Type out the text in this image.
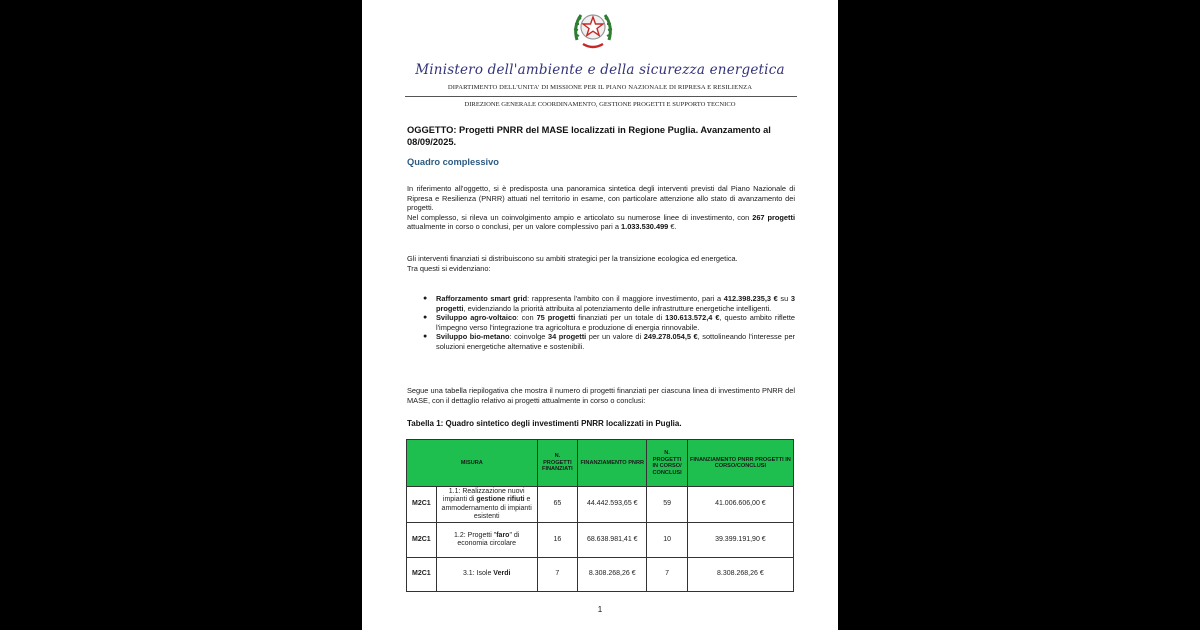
Ministero dell'ambiente e della sicurezza energetica
DIPARTIMENTO DELL'UNITA' DI MISSIONE PER IL PIANO NAZIONALE DI RIPRESA E RESILIENZA
DIREZIONE GENERALE COORDINAMENTO, GESTIONE PROGETTI E SUPPORTO TECNICO
OGGETTO: Progetti PNRR del MASE localizzati in Regione Puglia. Avanzamento al 08/09/2025.
Quadro complessivo
In riferimento all'oggetto, si è predisposta una panoramica sintetica degli interventi previsti dal Piano Nazionale di Ripresa e Resilienza (PNRR) attuati nel territorio in esame, con particolare attenzione allo stato di avanzamento dei progetti.
Nel complesso, si rileva un coinvolgimento ampio e articolato su numerose linee di investimento, con 267 progetti attualmente in corso o conclusi, per un valore complessivo pari a 1.033.530.499 €.
Gli interventi finanziati si distribuiscono su ambiti strategici per la transizione ecologica ed energetica.
Tra questi si evidenziano:
● Rafforzamento smart grid: rappresenta l'ambito con il maggiore investimento, pari a 412.398.235,3 € su 3 progetti, evidenziando la priorità attribuita al potenziamento delle infrastrutture energetiche intelligenti.
● Sviluppo agro-voltaico: con 75 progetti finanziati per un totale di 130.613.572,4 €, questo ambito riflette l'impegno verso l'integrazione tra agricoltura e produzione di energia rinnovabile.
● Sviluppo bio-metano: coinvolge 34 progetti per un valore di 249.278.054,5 €, sottolineando l'interesse per soluzioni energetiche alternative e sostenibili.
Segue una tabella riepilogativa che mostra il numero di progetti finanziati per ciascuna linea di investimento PNRR del MASE, con il dettaglio relativo ai progetti attualmente in corso o conclusi:
Tabella 1: Quadro sintetico degli investimenti PNRR localizzati in Puglia.
MISURA		N. PROGETTI FINANZIATI	FINANZIAMENTO PNRR	N. PROGETTI IN CORSO/ CONCLUSI	FINANZIAMENTO PNRR PROGETTI IN CORSO/CONCLUSI
M2C1	1.1: Realizzazione nuovi impianti di gestione rifiuti e ammodernamento di impianti esistenti	65	44.442.593,65 €	59	41.006.606,00 €
M2C1	1.2: Progetti "faro" di economia circolare	16	68.638.981,41 €	10	39.399.191,90 €
M2C1	3.1: Isole Verdi	7	8.308.268,26 €	7	8.308.268,26 €
1
